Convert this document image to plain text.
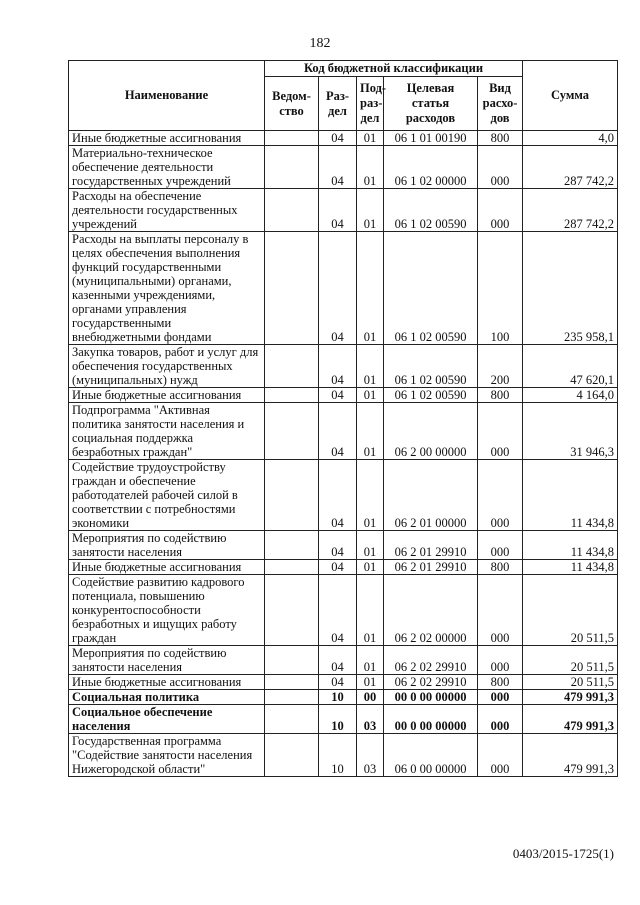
182
Наименование	Код бюджетной классификации					Сумма
	Ведом-ство	Раз-дел	Под-раз-дел	Целевая статья расходов	Вид расхо-дов	
Иные бюджетные ассигнования		04	01	06 1 01 00190	800	4,0
Материально-техническое обеспечение деятельности государственных учреждений		04	01	06 1 02 00000	000	287 742,2
Расходы на обеспечение деятельности государственных учреждений		04	01	06 1 02 00590	000	287 742,2
Расходы на выплаты персоналу в целях обеспечения выполнения функций государственными (муниципальными) органами, казенными учреждениями, органами управления государственными внебюджетными фондами		04	01	06 1 02 00590	100	235 958,1
Закупка товаров, работ и услуг для обеспечения государственных (муниципальных) нужд		04	01	06 1 02 00590	200	47 620,1
Иные бюджетные ассигнования		04	01	06 1 02 00590	800	4 164,0
Подпрограмма "Активная политика занятости населения и социальная поддержка безработных граждан"		04	01	06 2 00 00000	000	31 946,3
Содействие трудоустройству граждан и обеспечение работодателей рабочей силой в соответствии с потребностями экономики		04	01	06 2 01 00000	000	11 434,8
Мероприятия по содействию занятости населения		04	01	06 2 01 29910	000	11 434,8
Иные бюджетные ассигнования		04	01	06 2 01 29910	800	11 434,8
Содействие развитию кадрового потенциала, повышению конкурентоспособности безработных и ищущих работу граждан		04	01	06 2 02 00000	000	20 511,5
Мероприятия по содействию занятости населения		04	01	06 2 02 29910	000	20 511,5
Иные бюджетные ассигнования		04	01	06 2 02 29910	800	20 511,5
Социальная политика		10	00	00 0 00 00000	000	479 991,3
Социальное обеспечение населения		10	03	00 0 00 00000	000	479 991,3
Государственная программа "Содействие занятости населения Нижегородской области"		10	03	06 0 00 00000	000	479 991,3
0403/2015-1725(1)
